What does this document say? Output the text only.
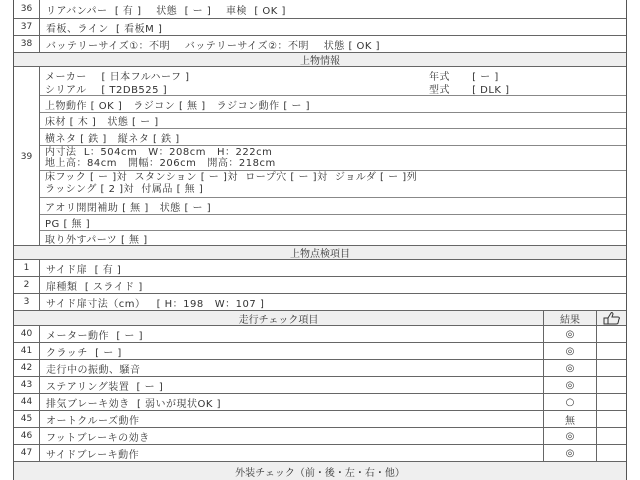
36	リアバンパー  [ 有 ]    状態  [ ー ]    車検  [ OK ]
37	看板、ライン  [ 看板M ]
38	バッテリーサイズ①：不明    バッテリーサイズ②：不明    状態 [ OK ]
上物情報
39
メーカー    [ 日本フルハーフ ]	年式      [ ー ]
シリアル    [ T2DB525 ]	型式      [ DLK ]
上物動作 [ OK ]   ラジコン [ 無 ]   ラジコン動作 [ ー ]
床材 [ 木 ]   状態 [ ー ]
横ネタ [ 鉄 ]   縦ネタ [ 鉄 ]
内寸法  L：504cm   W：208cm   H：222cm
地上高：84cm   開幅：206cm   開高：218cm
床フック [ ー ]対  スタンション [ ー ]対  ロープ穴 [ ー ]対  ジョルダ [ ー ]列
ラッシング [ 2 ]対  付属品 [ 無 ]
アオリ開閉補助 [ 無 ]   状態 [ ー ]
PG [ 無 ]
取り外すパーツ [ 無 ]
上物点検項目
1	サイド扉  [ 有 ]
2	扉種類  [ スライド ]
3	サイド扉寸法（cm）   [ H：198   W：107 ]
走行チェック項目	結果
40	メーター動作  [ ー ]	◎
41	クラッチ  [ ー ]	◎
42	走行中の振動、騒音	◎
43	ステアリング装置  [ ー ]	◎
44	排気ブレーキ効き  [ 弱いが現状OK ]	○
45	オートクルーズ動作	無
46	フットブレーキの効き	◎
47	サイドブレーキ動作	◎
外装チェック（前・後・左・右・他）
